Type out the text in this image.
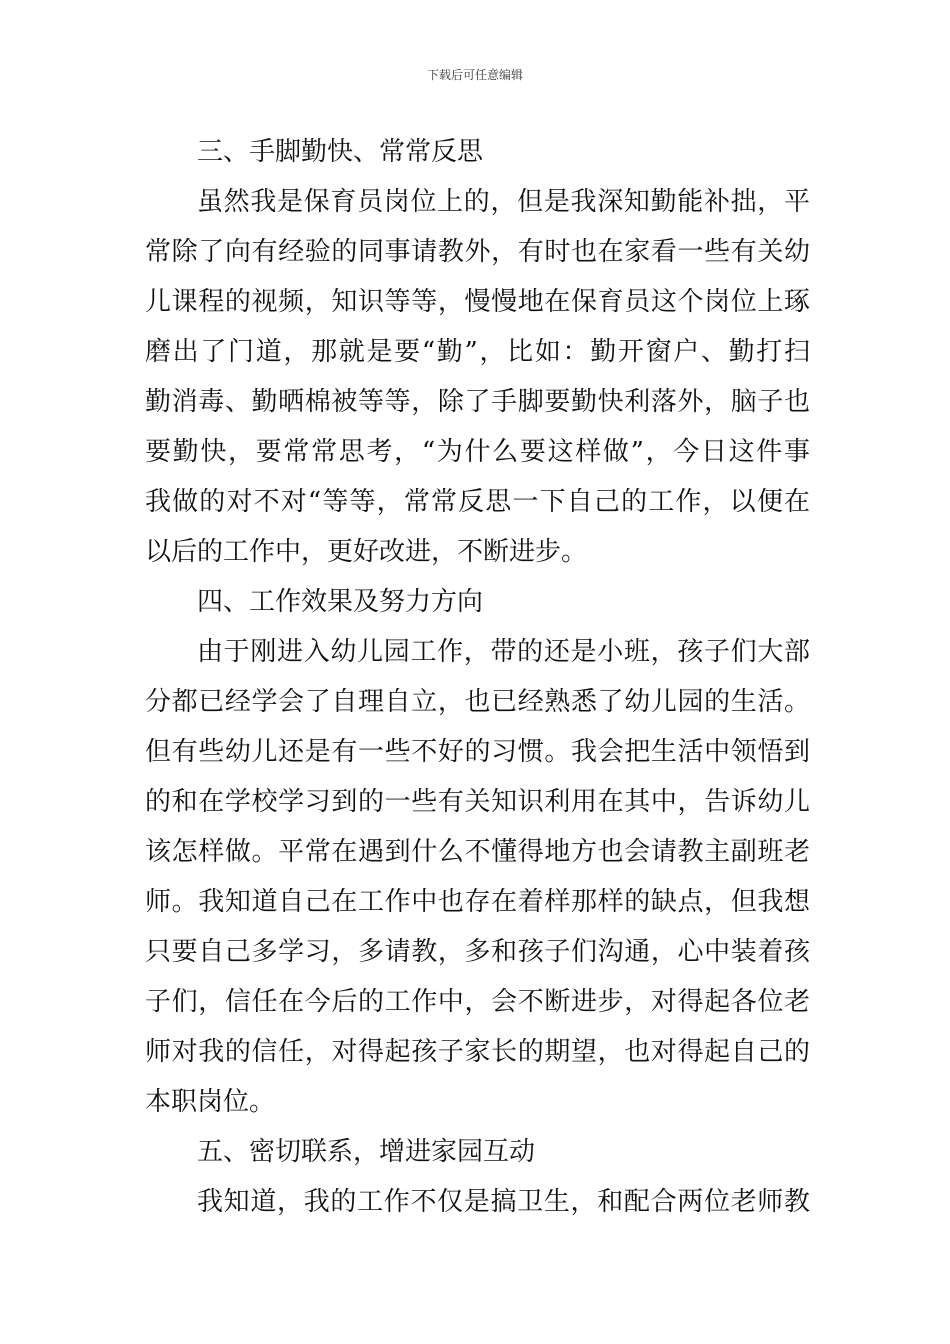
下载后可任意编辑
三、手脚勤快、常常反思
虽然我是保育员岗位上的，但是我深知勤能补拙，平
常除了向有经验的同事请教外，有时也在家看一些有关幼
儿课程的视频，知识等等，慢慢地在保育员这个岗位上琢
磨出了门道，那就是要“勤”，比如：勤开窗户、勤打扫
勤消毒、勤晒棉被等等，除了手脚要勤快利落外，脑子也
要勤快，要常常思考，“为什么要这样做”，今日这件事
我做的对不对“等等，常常反思一下自己的工作，以便在
以后的工作中，更好改进，不断进步。
四、工作效果及努力方向
由于刚进入幼儿园工作，带的还是小班，孩子们大部
分都已经学会了自理自立，也已经熟悉了幼儿园的生活。
但有些幼儿还是有一些不好的习惯。我会把生活中领悟到
的和在学校学习到的一些有关知识利用在其中，告诉幼儿
该怎样做。平常在遇到什么不懂得地方也会请教主副班老
师。我知道自己在工作中也存在着样那样的缺点，但我想
只要自己多学习，多请教，多和孩子们沟通，心中装着孩
子们，信任在今后的工作中，会不断进步，对得起各位老
师对我的信任，对得起孩子家长的期望，也对得起自己的
本职岗位。
五、密切联系，增进家园互动
我知道，我的工作不仅是搞卫生，和配合两位老师教
